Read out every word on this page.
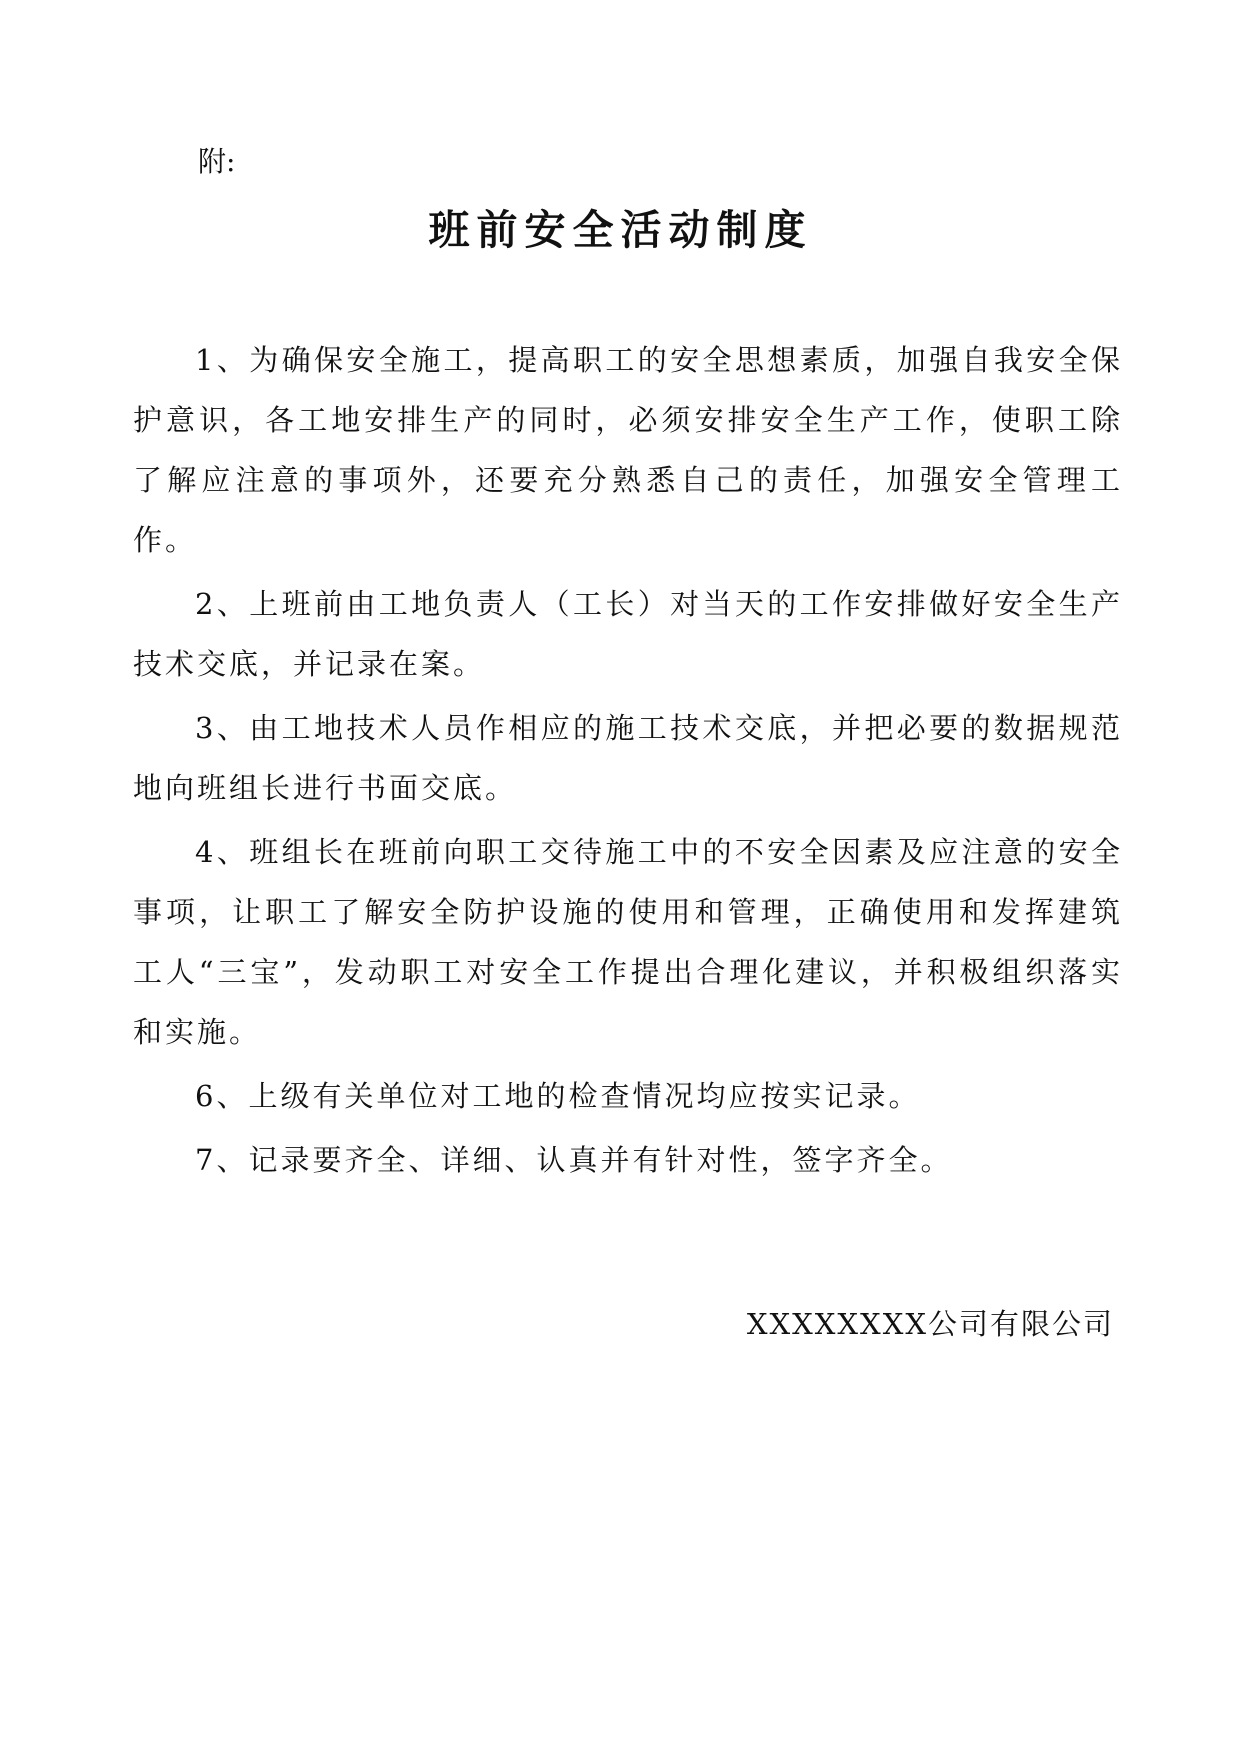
附:
班前安全活动制度

1、为确保安全施工，提高职工的安全思想素质，加强自我安全保护意识，各工地安排生产的同时，必须安排安全生产工作，使职工除了解应注意的事项外，还要充分熟悉自己的责任，加强安全管理工作。

2、上班前由工地负责人（工长）对当天的工作安排做好安全生产技术交底，并记录在案。

3、由工地技术人员作相应的施工技术交底，并把必要的数据规范地向班组长进行书面交底。

4、班组长在班前向职工交待施工中的不安全因素及应注意的安全事项，让职工了解安全防护设施的使用和管理，正确使用和发挥建筑工人“三宝”，发动职工对安全工作提出合理化建议，并积极组织落实和实施。

6、上级有关单位对工地的检查情况均应按实记录。

7、记录要齐全、详细、认真并有针对性，签字齐全。

XXXXXXXX公司有限公司
